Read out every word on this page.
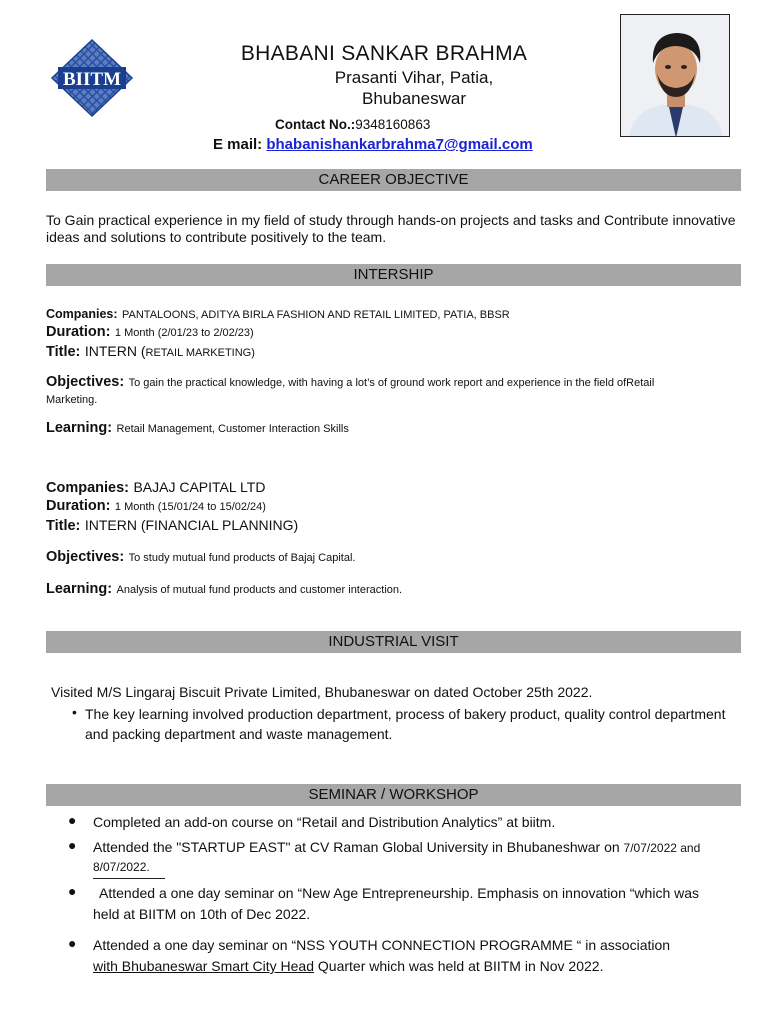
BIITM
BHABANI SANKAR BRAHMA
Prasanti Vihar, Patia,
Bhubaneswar
Contact No.:9348160863
E mail: bhabanishankarbrahma7@gmail.com
CAREER OBJECTIVE
To Gain practical experience in my field of study through hands-on projects and tasks and Contribute innovative
ideas and solutions to contribute positively to the team.
INTERSHIP
Companies: PANTALOONS, ADITYA BIRLA FASHION AND RETAIL LIMITED, PATIA, BBSR
Duration: 1 Month (2/01/23 to 2/02/23)
Title: INTERN (RETAIL MARKETING)
Objectives: To gain the practical knowledge, with having a lot’s of ground work report and experience in the field ofRetail
Marketing.
Learning: Retail Management, Customer Interaction Skills
Companies: BAJAJ CAPITAL LTD
Duration: 1 Month (15/01/24 to 15/02/24)
Title: INTERN (FINANCIAL PLANNING)
Objectives: To study mutual fund products of Bajaj Capital.
Learning: Analysis of mutual fund products and customer interaction.
INDUSTRIAL VISIT
Visited M/S Lingaraj Biscuit Private Limited, Bhubaneswar on dated October 25th 2022.
• The key learning involved production department, process of bakery product, quality control department
and packing department and waste management.
SEMINAR / WORKSHOP
● Completed an add-on course on “Retail and Distribution Analytics” at biitm.
● Attended the "STARTUP EAST" at CV Raman Global University in Bhubaneshwar on 7/07/2022 and
8/07/2022.
●	Attended a one day seminar on “New Age Entrepreneurship. Emphasis on innovation “which was
held at BIITM on 10th of Dec 2022.
● Attended a one day seminar on “NSS YOUTH CONNECTION PROGRAMME “ in association
with Bhubaneswar Smart City Head Quarter which was held at BIITM in Nov 2022.
